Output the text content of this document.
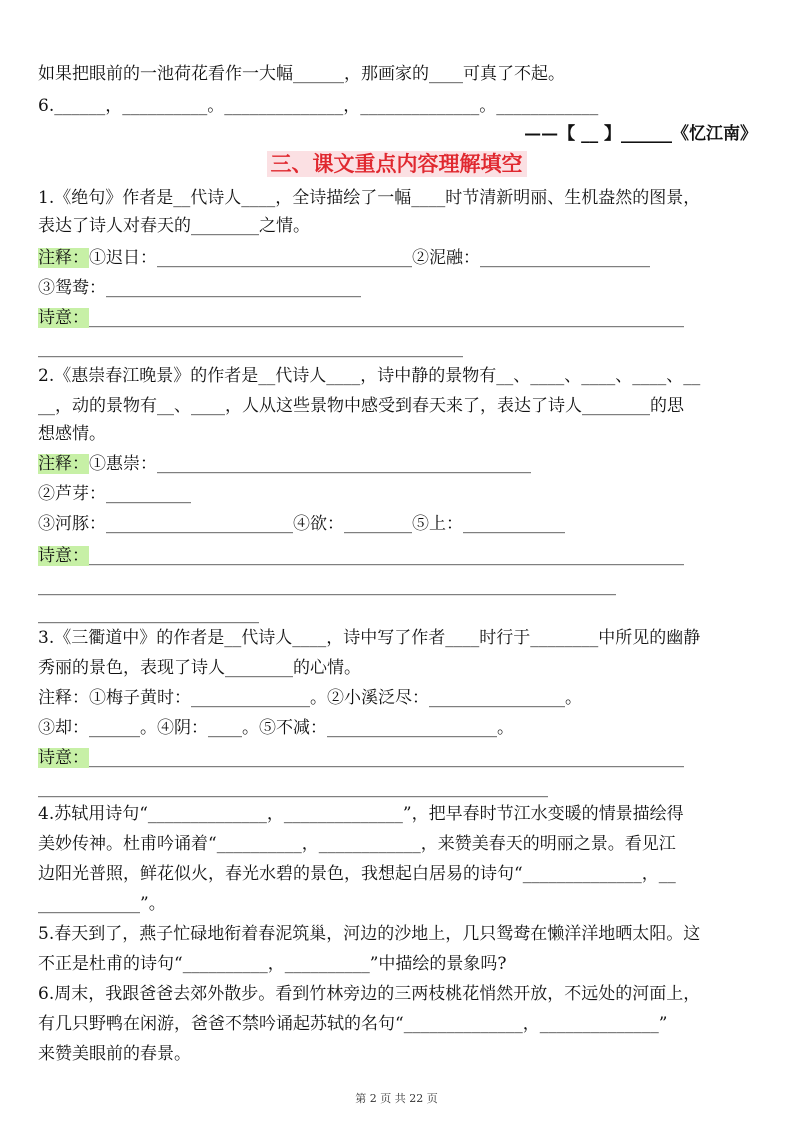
如果把眼前的一池荷花看作一大幅______，那画家的____可真了不起。
6.______，__________。______________，______________。____________
——【 __ 】______《忆江南》
三、课文重点内容理解填空
1.《绝句》作者是__代诗人____，全诗描绘了一幅____时节清新明丽、生机盎然的图景，
表达了诗人对春天的________之情。
注释：①迟日：______________________________②泥融：____________________
③鸳鸯：______________________________
诗意：______________________________________________________________________
__________________________________________________
2.《惠崇春江晚景》的作者是__代诗人____，诗中静的景物有__、____、____、____、__
__，动的景物有__、____，人从这些景物中感受到春天来了，表达了诗人________的思
想感情。
注释：①惠崇：____________________________________________
②芦芽：__________
③河豚：______________________④欲：________⑤上：____________
诗意：______________________________________________________________________
____________________________________________________________________
__________________________
3.《三衢道中》的作者是__代诗人____，诗中写了作者____时行于________中所见的幽静
秀丽的景色，表现了诗人________的心情。
注释：①梅子黄时：______________。②小溪泛尽：________________。
③却：______。④阴：____。⑤不减：____________________。
诗意：______________________________________________________________________
____________________________________________________________
4.苏轼用诗句“______________，______________”，把早春时节江水变暖的情景描绘得
美妙传神。杜甫吟诵着“__________，____________，来赞美春天的明丽之景。看见江
边阳光普照，鲜花似火，春光水碧的景色，我想起白居易的诗句“______________，__
____________”。
5.春天到了，燕子忙碌地衔着春泥筑巢，河边的沙地上，几只鸳鸯在懒洋洋地晒太阳。这
不正是杜甫的诗句“__________，__________”中描绘的景象吗?
6.周末，我跟爸爸去郊外散步。看到竹林旁边的三两枝桃花悄然开放，不远处的河面上，
有几只野鸭在闲游，爸爸不禁吟诵起苏轼的名句“______________，______________”
来赞美眼前的春景。
第 2 页 共 22 页
